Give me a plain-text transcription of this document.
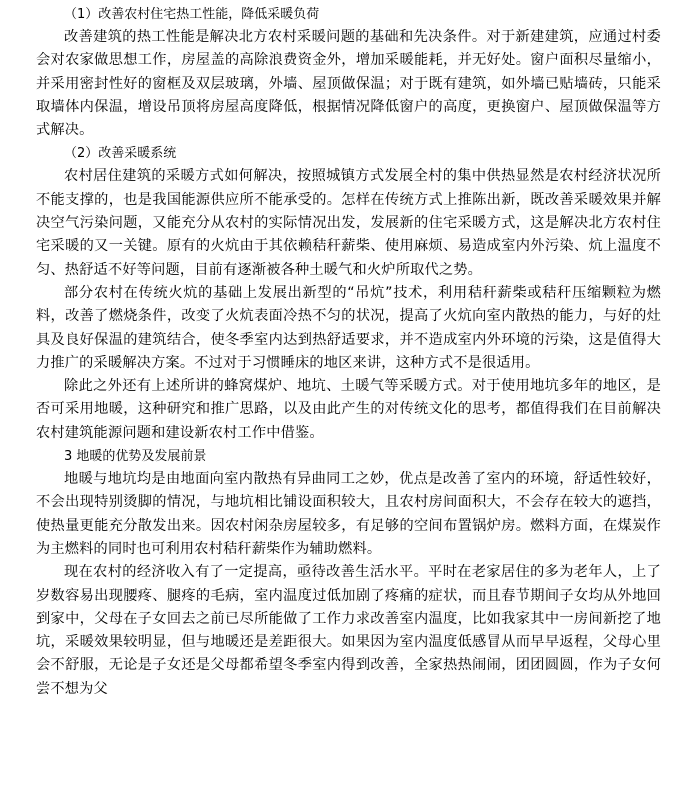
（1）改善农村住宅热工性能，降低采暖负荷

改善建筑的热工性能是解决北方农村采暖问题的基础和先决条件。对于新建建筑，应通过村委会对农家做思想工作，房屋盖的高除浪费资金外，增加采暖能耗，并无好处。窗户面积尽量缩小，并采用密封性好的窗框及双层玻璃，外墙、屋顶做保温；对于既有建筑，如外墙已贴墙砖，只能采取墙体内保温，增设吊顶将房屋高度降低，根据情况降低窗户的高度，更换窗户、屋顶做保温等方式解决。

（2）改善采暖系统

农村居住建筑的采暖方式如何解决，按照城镇方式发展全村的集中供热显然是农村经济状况所不能支撑的，也是我国能源供应所不能承受的。怎样在传统方式上推陈出新，既改善采暖效果并解决空气污染问题，又能充分从农村的实际情况出发，发展新的住宅采暖方式，这是解决北方农村住宅采暖的又一关键。原有的火炕由于其依赖秸秆薪柴、使用麻烦、易造成室内外污染、炕上温度不匀、热舒适不好等问题，目前有逐渐被各种土暖气和火炉所取代之势。

部分农村在传统火炕的基础上发展出新型的“吊炕”技术，利用秸秆薪柴或秸秆压缩颗粒为燃料，改善了燃烧条件，改变了火炕表面冷热不匀的状况，提高了火炕向室内散热的能力，与好的灶具及良好保温的建筑结合，使冬季室内达到热舒适要求，并不造成室内外环境的污染，这是值得大力推广的采暖解决方案。不过对于习惯睡床的地区来讲，这种方式不是很适用。

除此之外还有上述所讲的蜂窝煤炉、地坑、土暖气等采暖方式。对于使用地坑多年的地区，是否可采用地暖，这种研究和推广思路，以及由此产生的对传统文化的思考，都值得我们在目前解决农村建筑能源问题和建设新农村工作中借鉴。

3 地暖的优势及发展前景

地暖与地坑均是由地面向室内散热有异曲同工之妙，优点是改善了室内的环境，舒适性较好，不会出现特别烫脚的情况，与地坑相比铺设面积较大，且农村房间面积大，不会存在较大的遮挡，使热量更能充分散发出来。因农村闲杂房屋较多，有足够的空间布置锅炉房。燃料方面，在煤炭作为主燃料的同时也可利用农村秸秆薪柴作为辅助燃料。

现在农村的经济收入有了一定提高，亟待改善生活水平。平时在老家居住的多为老年人，上了岁数容易出现腰疼、腿疼的毛病，室内温度过低加剧了疼痛的症状，而且春节期间子女均从外地回到家中，父母在子女回去之前已尽所能做了工作力求改善室内温度，比如我家其中一房间新挖了地坑，采暖效果较明显，但与地暖还是差距很大。如果因为室内温度低感冒从而早早返程，父母心里会不舒服，无论是子女还是父母都希望冬季室内得到改善，全家热热闹闹，团团圆圆，作为子女何尝不想为父
